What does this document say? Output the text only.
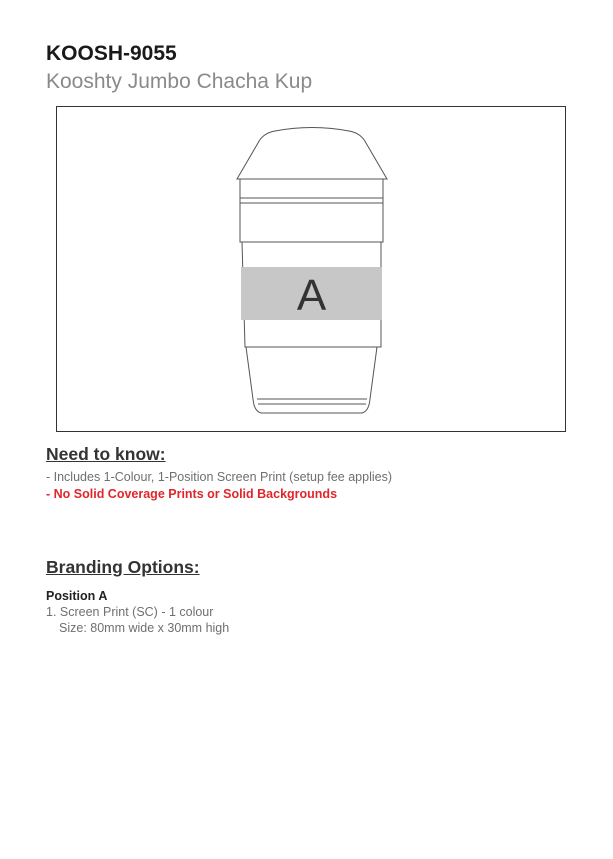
KOOSH-9055
Kooshty Jumbo Chacha Kup
A
Need to know:

- Includes 1-Colour, 1-Position Screen Print (setup fee applies)

- No Solid Coverage Prints or Solid Backgrounds

Branding Options:

Position A

1. Screen Print (SC) - 1 colour

Size: 80mm wide x 30mm high
